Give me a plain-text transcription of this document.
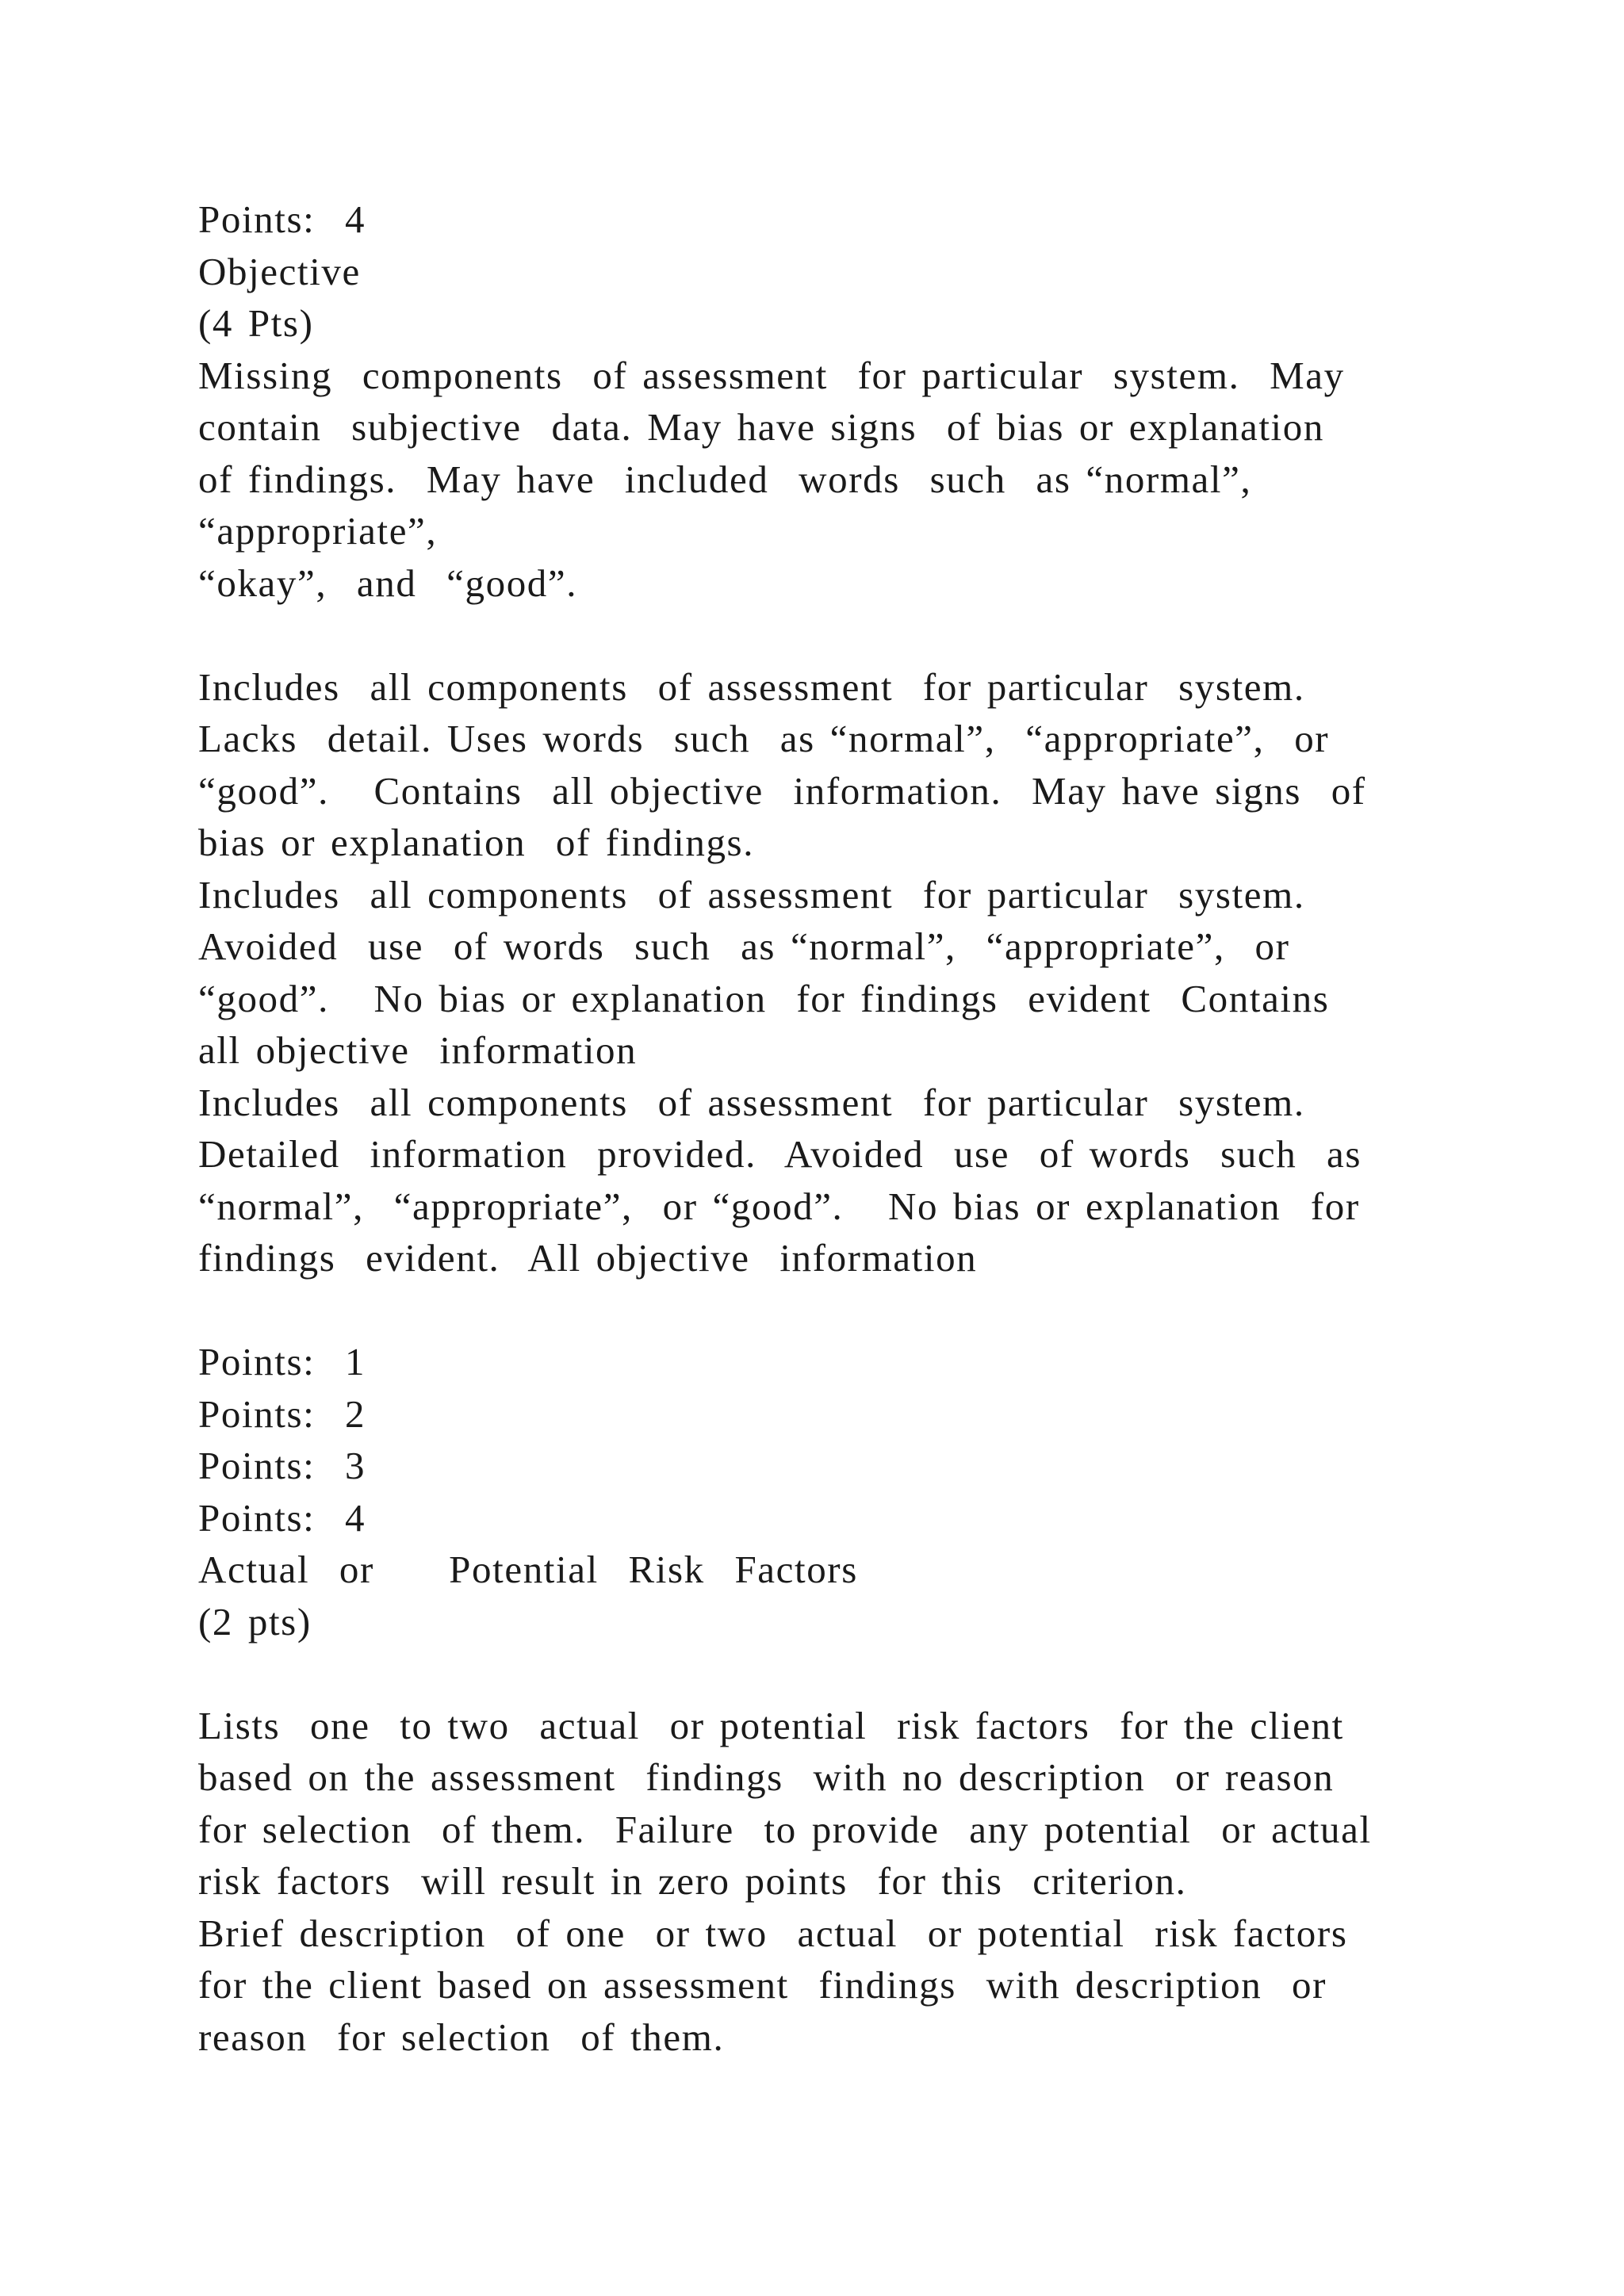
Points:  4
Objective
(4 Pts)
Missing  components  of assessment  for particular  system.  May
contain  subjective  data. May have signs  of bias or explanation
of findings.  May have  included  words  such  as “normal”,
“appropriate”,
“okay”,  and  “good”.
Includes  all components  of assessment  for particular  system.
Lacks  detail. Uses words  such  as “normal”,  “appropriate”,  or
“good”.   Contains  all objective  information.  May have signs  of
bias or explanation  of findings.
Includes  all components  of assessment  for particular  system.
Avoided  use  of words  such  as “normal”,  “appropriate”,  or
“good”.   No bias or explanation  for findings  evident  Contains
all objective  information
Includes  all components  of assessment  for particular  system.
Detailed  information  provided.  Avoided  use  of words  such  as
“normal”,  “appropriate”,  or “good”.   No bias or explanation  for
findings  evident.  All objective  information
Points:  1
Points:  2
Points:  3
Points:  4
Actual  or     Potential  Risk  Factors
(2 pts)
Lists  one  to two  actual  or potential  risk factors  for the client
based on the assessment  findings  with no description  or reason
for selection  of them.  Failure  to provide  any potential  or actual
risk factors  will result in zero points  for this  criterion.
Brief description  of one  or two  actual  or potential  risk factors
for the client based on assessment  findings  with description  or
reason  for selection  of them.
